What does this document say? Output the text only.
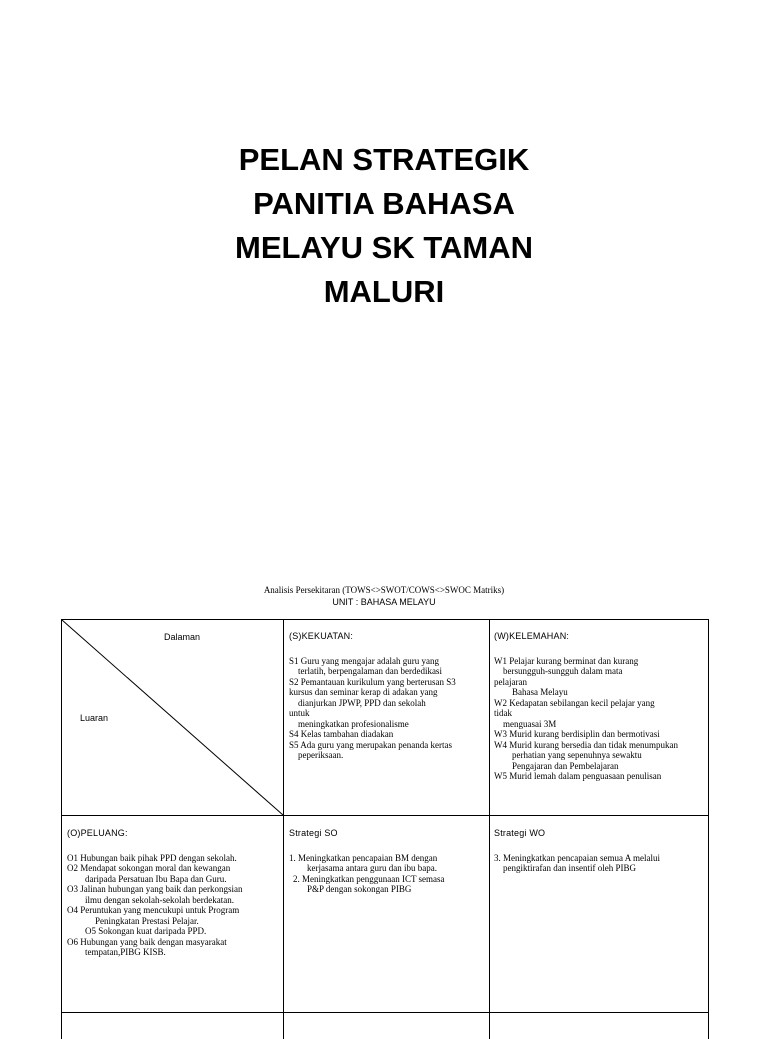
PELAN STRATEGIK
PANITIA BAHASA
MELAYU SK TAMAN
MALURI
Analisis Persekitaran (TOWS<>SWOT/COWS<>SWOC Matriks)
UNIT : BAHASA MELAYU
Dalaman
Luaran
(S)KEKUATAN:
S1 Guru yang mengajar adalah guru yang
terlatih, berpengalaman dan berdedikasi
S2 Pemantauan kurikulum yang berterusan S3
kursus dan seminar kerap di adakan yang
dianjurkan JPWP, PPD dan sekolah
untuk
meningkatkan profesionalisme
S4 Kelas tambahan diadakan
S5 Ada guru yang merupakan penanda kertas
peperiksaan.
(W)KELEMAHAN:
W1 Pelajar kurang berminat dan kurang
bersungguh-sungguh dalam mata
pelajaran
Bahasa Melayu
W2 Kedapatan sebilangan kecil pelajar yang
tidak
menguasai 3M
W3 Murid kurang berdisiplin dan bermotivasi
W4 Murid kurang bersedia dan tidak menumpukan
perhatian yang sepenuhnya sewaktu
Pengajaran dan Pembelajaran
W5 Murid lemah dalam penguasaan penulisan
(O)PELUANG:
O1 Hubungan baik pihak PPD dengan sekolah.
O2 Mendapat sokongan moral dan kewangan
daripada Persatuan Ibu Bapa dan Guru.
O3 Jalinan hubungan yang baik dan perkongsian
ilmu dengan sekolah-sekolah berdekatan.
O4 Peruntukan yang mencukupi untuk Program
Peningkatan Prestasi Pelajar.
O5 Sokongan kuat daripada PPD.
O6 Hubungan yang baik dengan masyarakat
tempatan,PIBG KISB.
Strategi SO
1. Meningkatkan pencapaian BM dengan
kerjasama antara guru dan ibu bapa.
2. Meningkatkan penggunaan ICT semasa
P&P dengan sokongan PIBG
Strategi WO
3. Meningkatkan pencapaian semua A melalui
pengiktirafan dan insentif oleh PIBG
